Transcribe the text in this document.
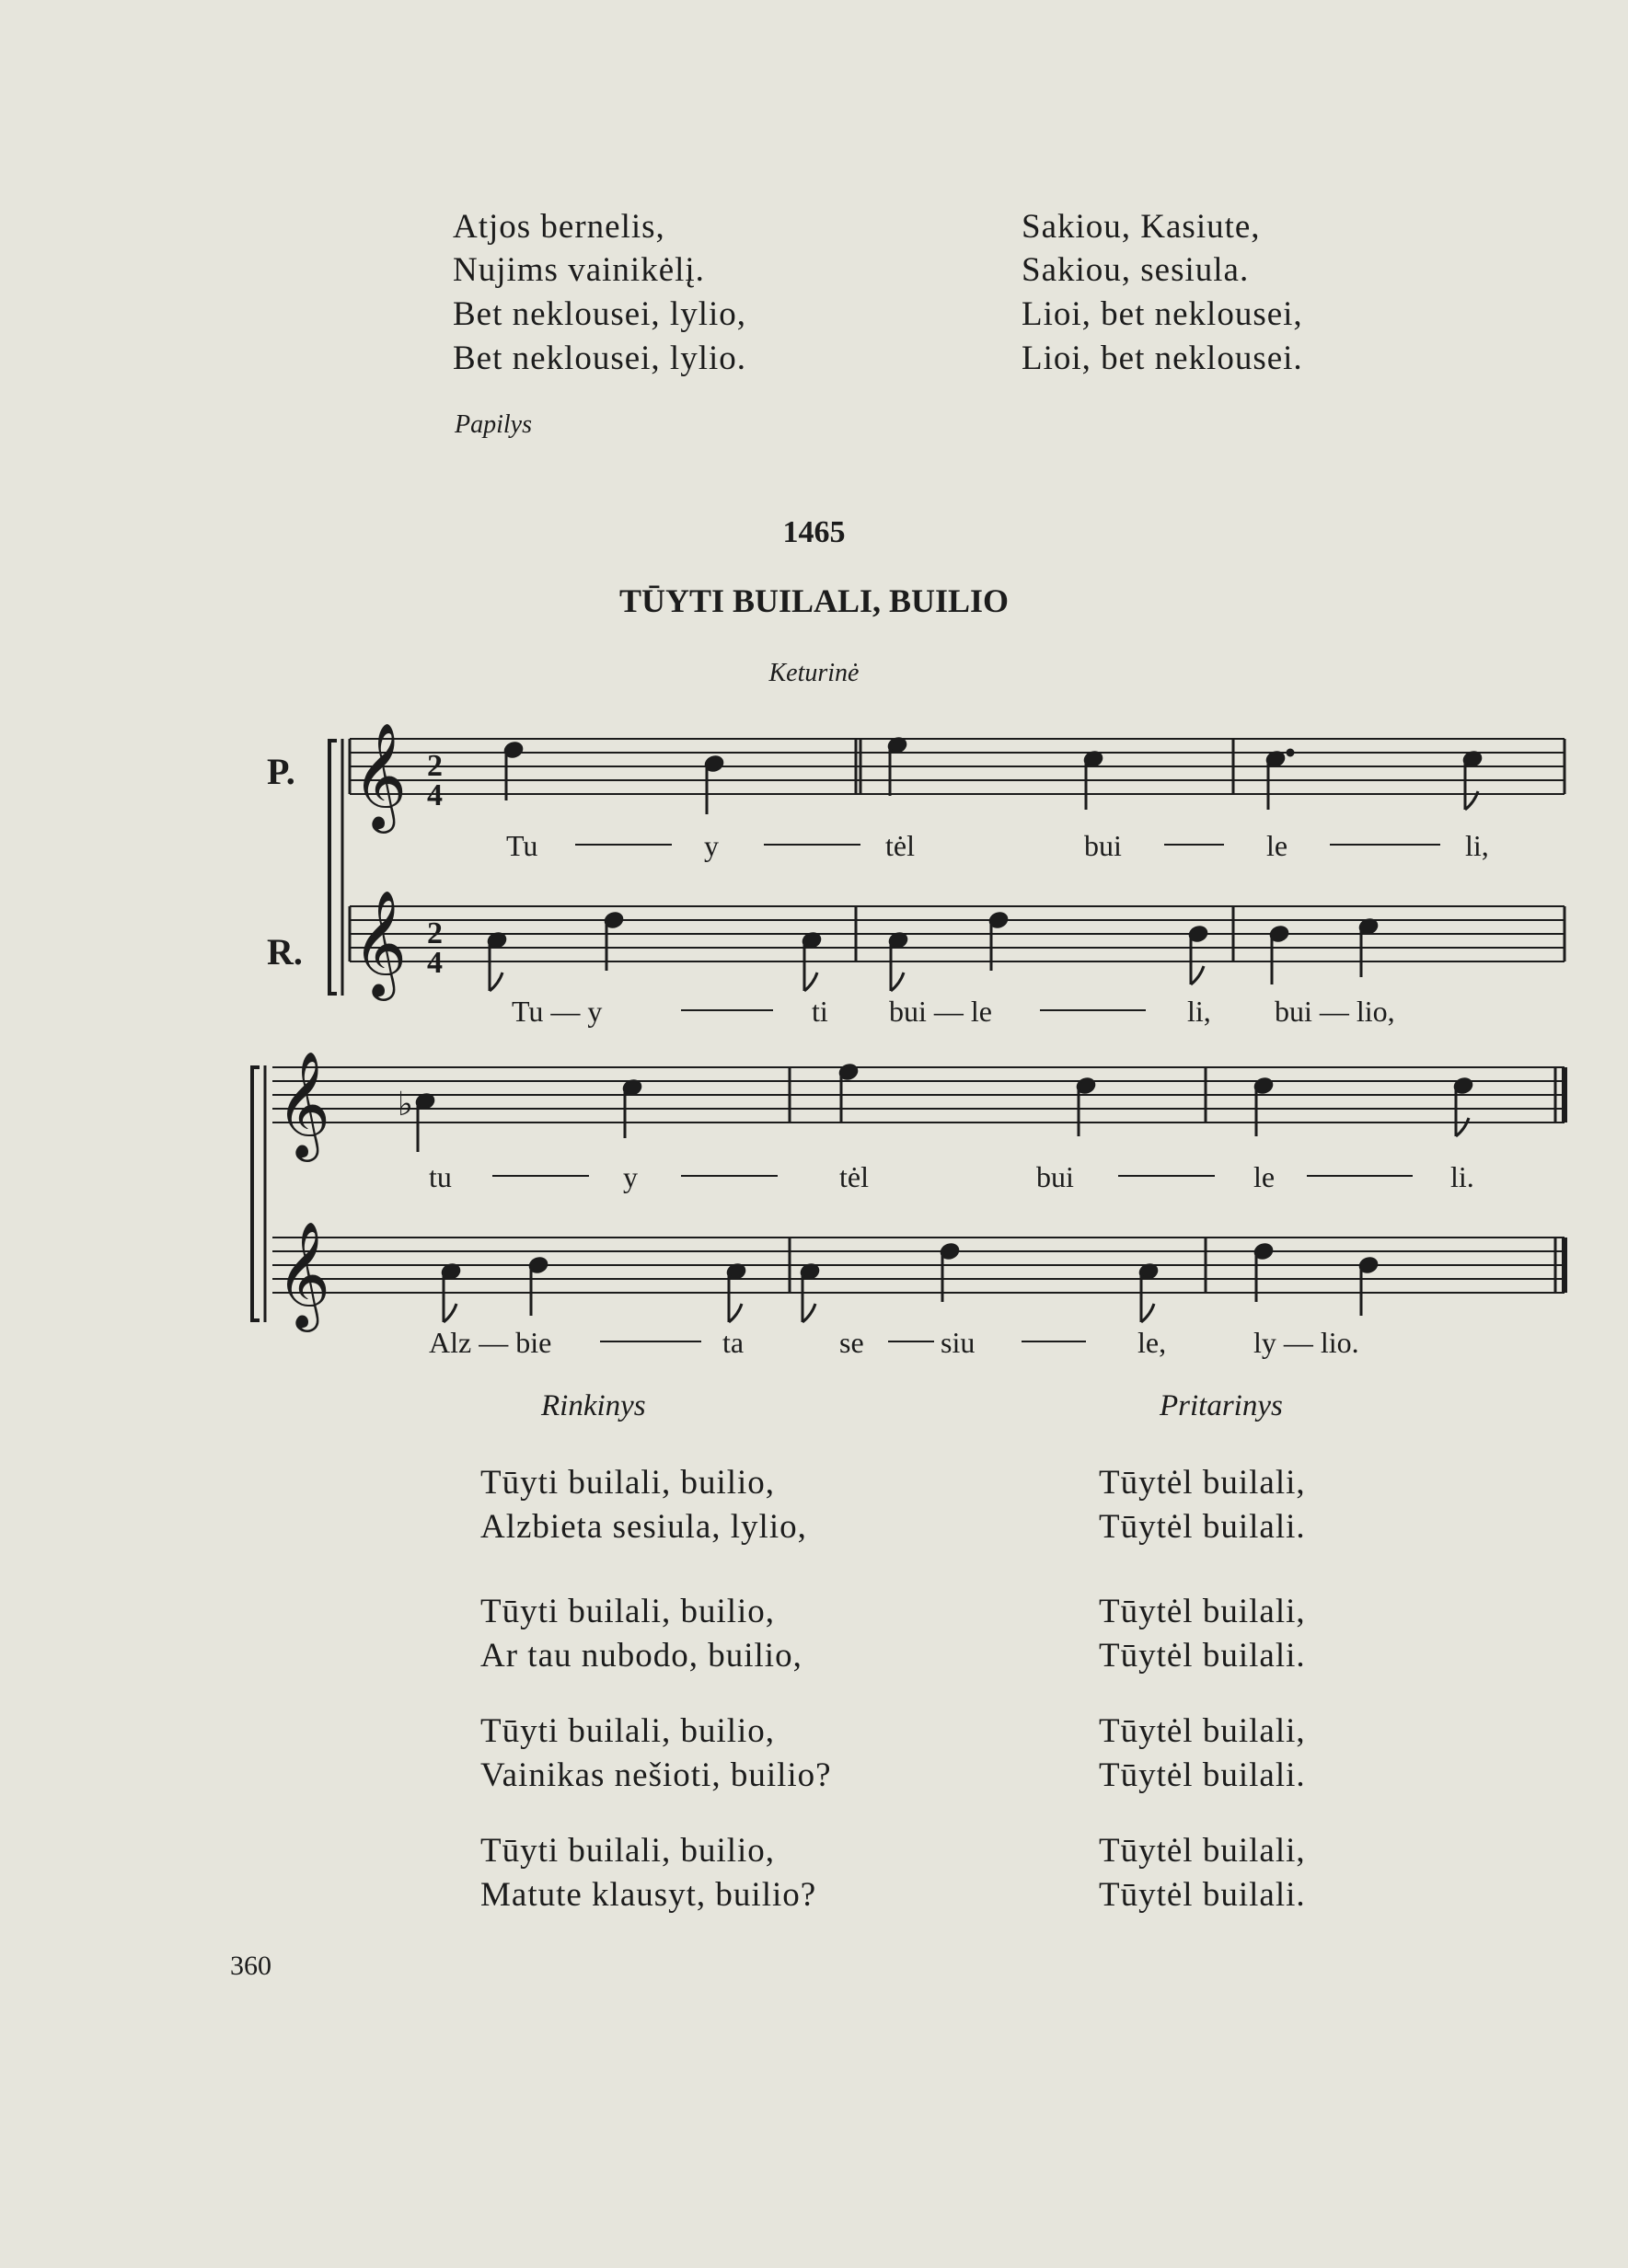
Atjos bernelis,
Nujims vainikėlį.
Bet neklousei, lylio,
Bet neklousei, lylio.
Sakiou, Kasiute,
Sakiou, sesiula.
Lioi, bet neklousei,
Lioi, bet neklousei.
Papilys
1465
TŪYTI BUILALI, BUILIO
Keturinė
𝄞
𝄞
𝄞
𝄞
2
4
2
4
♭
P.
R.
Tu	y	tėl	bui	le	li,
Tu — y	ti bui — le	li, bui — lio,
tu	y	tėl	bui	le	li.
Alz — bie	ta	se	siu	le,	ly — lio.
Rinkinys	Pritarinys
Tūyti builali, builio,
Alzbieta sesiula, lylio,
Tūytėl builali,
Tūytėl builali.
Tūyti builali, builio,
Ar tau nubodo, builio,
Tūytėl builali,
Tūytėl builali.
Tūyti builali, builio,
Vainikas nešioti, builio?
Tūytėl builali,
Tūytėl builali.
Tūyti builali, builio,
Matute klausyt, builio?
Tūytėl builali,
Tūytėl builali.
360
